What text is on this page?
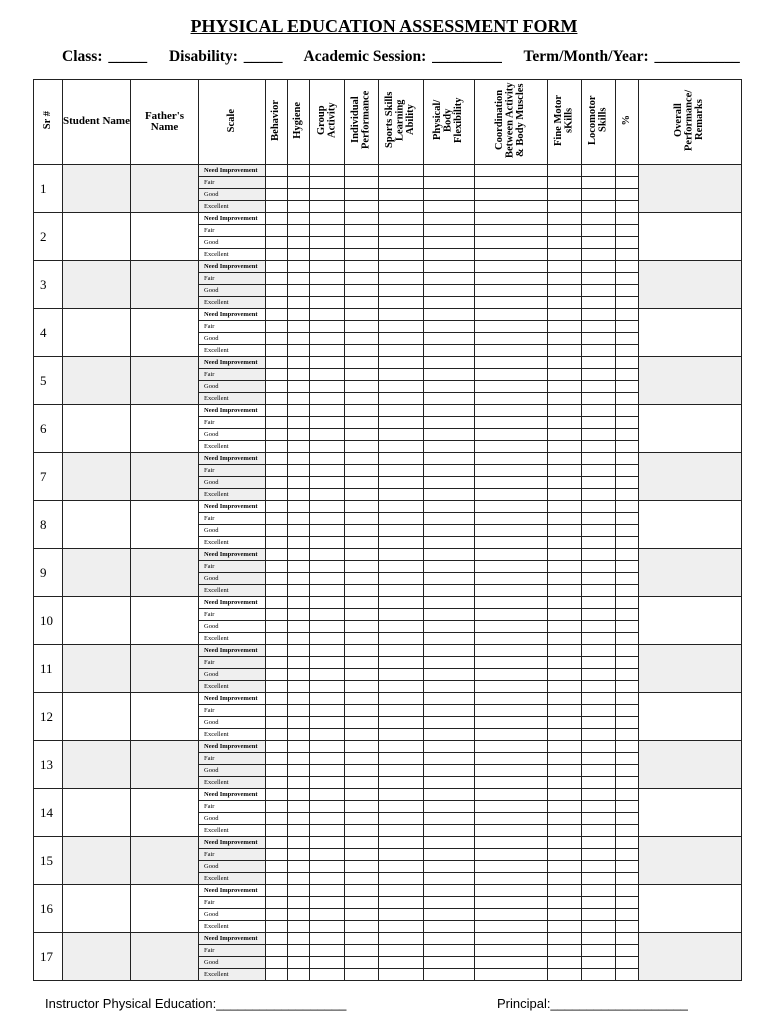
PHYSICAL EDUCATION ASSESSMENT FORM
Class: _____ Disability: _____ Academic Session: _________ Term/Month/Year: ___________
Sr #	Student Name	Father's Name	Scale	Behavior	Hygiene	Group Activity	Individual Performance	Sports Skills Learning Ability	Physical/ Body Flexibility	Coordination Between Activity & Body Muscles	Fine Motor sKills	Locomotor Skills	%	Overall Performance/ Remarks
1			Need Improvement											
			Fair											
			Good											
			Excellent											
2			Need Improvement											
			Fair											
			Good											
			Excellent											
3			Need Improvement											
			Fair											
			Good											
			Excellent											
4			Need Improvement											
			Fair											
			Good											
			Excellent											
5			Need Improvement											
			Fair											
			Good											
			Excellent											
6			Need Improvement											
			Fair											
			Good											
			Excellent											
7			Need Improvement											
			Fair											
			Good											
			Excellent											
8			Need Improvement											
			Fair											
			Good											
			Excellent											
9			Need Improvement											
			Fair											
			Good											
			Excellent											
10			Need Improvement											
			Fair											
			Good											
			Excellent											
11			Need Improvement											
			Fair											
			Good											
			Excellent											
12			Need Improvement											
			Fair											
			Good											
			Excellent											
13			Need Improvement											
			Fair											
			Good											
			Excellent											
14			Need Improvement											
			Fair											
			Good											
			Excellent											
15			Need Improvement											
			Fair											
			Good											
			Excellent											
16			Need Improvement											
			Fair											
			Good											
			Excellent											
17			Need Improvement											
			Fair											
			Good											
			Excellent											
Instructor Physical Education:__________________	Principal:___________________
